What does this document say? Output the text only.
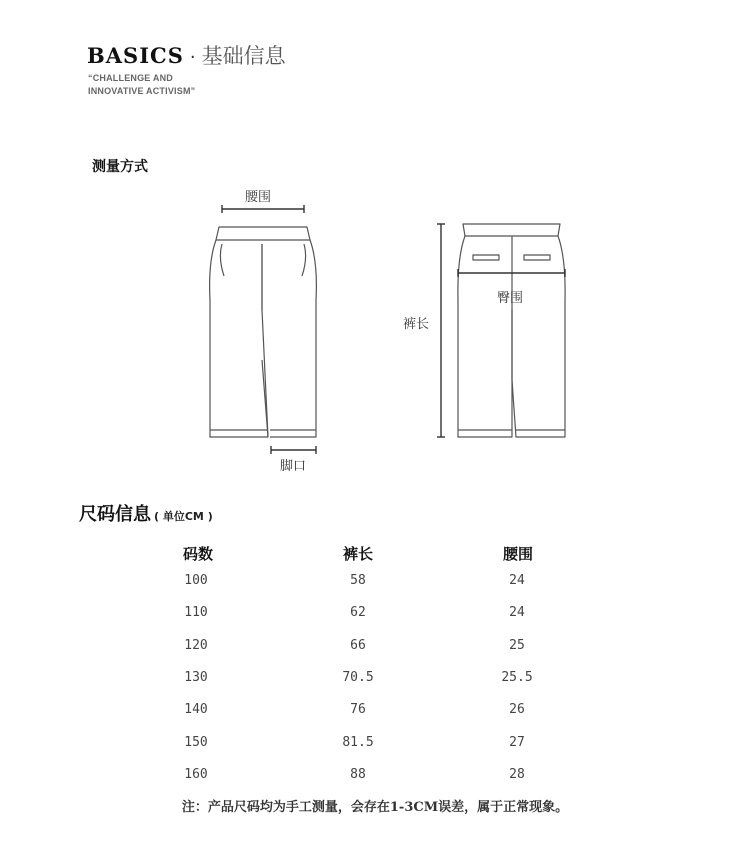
BASICS · 基础信息
“CHALLENGE AND
INNOVATIVE ACTIVISM”
测量方式
腰围
脚口
裤长
臀围
尺码信息 ( 单位CM )
码数	裤长	腰围
100	58	24
110	62	24
120	66	25
130	70.5	25.5
140	76	26
150	81.5	27
160	88	28
注：产品尺码均为手工测量，会存在1-3CM误差，属于正常现象。
